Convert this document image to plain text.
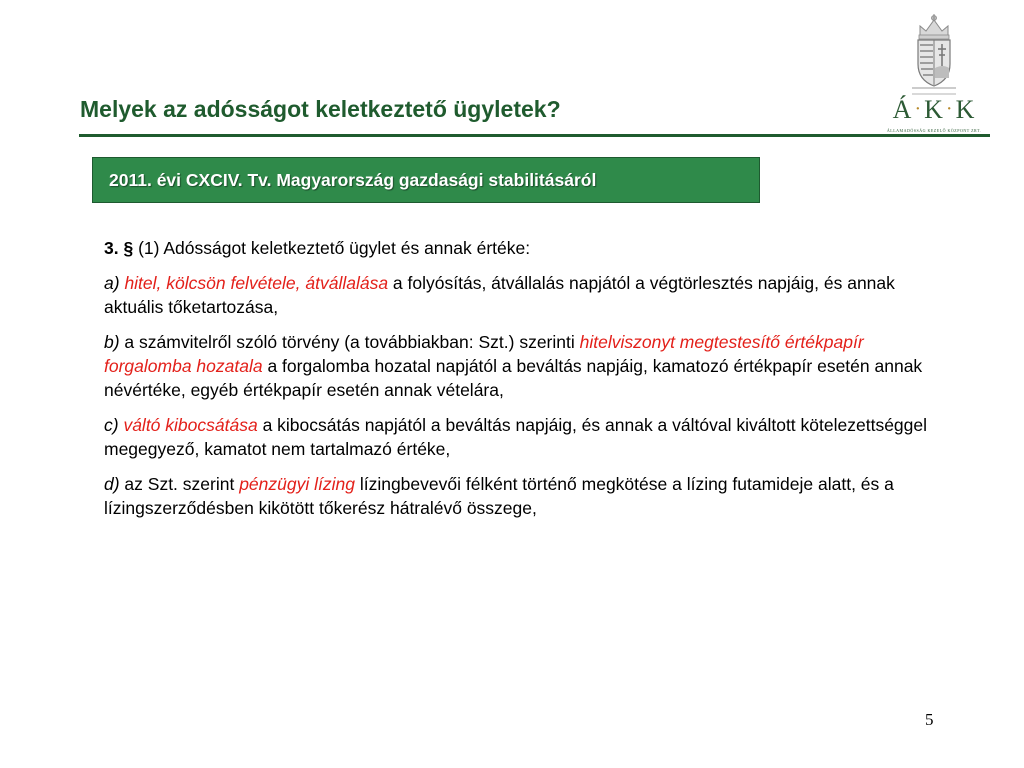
Melyek az adósságot keletkeztető ügyletek?	Á ·K ·K
ÁLLAMADÓSSÁG KEZELŐ KÖZPONT ZRT.
2011. évi CXCIV. Tv. Magyarország gazdasági stabilitásáról

3. § (1) Adósságot keletkeztető ügylet és annak értéke:

a) hitel, kölcsön felvétele, átvállalása a folyósítás, átvállalás napjától a végtörlesztés napjáig, és annak aktuális tőketartozása,

b) a számvitelről szóló törvény (a továbbiakban: Szt.) szerinti hitelviszonyt megtestesítő értékpapír forgalomba hozatala a forgalomba hozatal napjától a beváltás napjáig, kamatozó értékpapír esetén annak névértéke, egyéb értékpapír esetén annak vételára,

c) váltó kibocsátása a kibocsátás napjától a beváltás napjáig, és annak a váltóval kiváltott kötelezettséggel megegyező, kamatot nem tartalmazó értéke,

d) az Szt. szerint pénzügyi lízing lízingbevevői félként történő megkötése a lízing futamideje alatt, és a lízingszerződésben kikötött tőkerész hátralévő összege,

5
